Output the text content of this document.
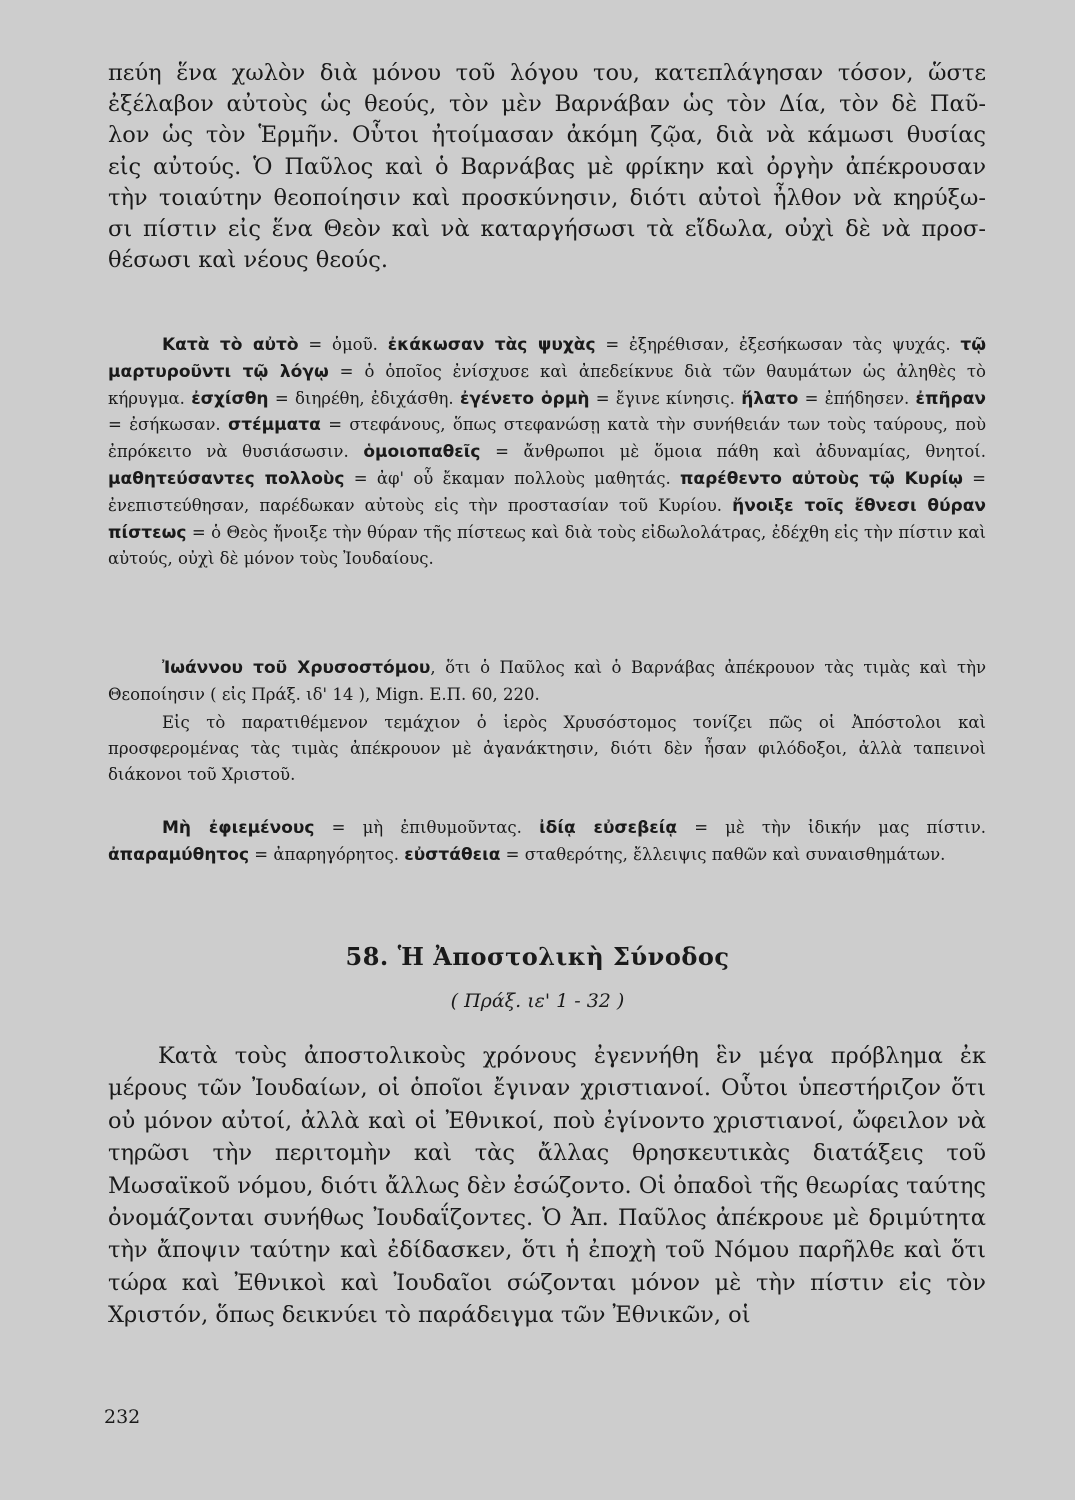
πεύη ἕνα χωλὸν διὰ μόνου τοῦ λόγου του, κατεπλάγησαν τόσον, ὥστε
ἐξέλαβον αὐτοὺς ὡς θεούς, τὸν μὲν Βαρνάβαν ὡς τὸν Δία, τὸν δὲ Παῦ-
λον ὡς τὸν Ἑρμῆν. Οὗτοι ἠτοίμασαν ἀκόμη ζῷα, διὰ νὰ κάμωσι θυσίας
εἰς αὐτούς. Ὁ Παῦλος καὶ ὁ Βαρνάβας μὲ φρίκην καὶ ὀργὴν ἀπέκρουσαν
τὴν τοιαύτην θεοποίησιν καὶ προσκύνησιν, διότι αὐτοὶ ἦλθον νὰ κηρύξω-
σι πίστιν εἰς ἕνα Θεὸν καὶ νὰ καταργήσωσι τὰ εἴδωλα, οὐχὶ δὲ νὰ προσ-
θέσωσι καὶ νέους θεούς.

Κατὰ τὸ αὐτὸ = ὁμοῦ. ἐκάκωσαν τὰς ψυχὰς = ἐξηρέθισαν, ἐξεσήκωσαν τὰς ψυχάς. τῷ μαρτυροῦντι τῷ λόγῳ = ὁ ὁποῖος ἐνίσχυσε καὶ ἀπεδείκνυε διὰ τῶν θαυμάτων ὡς ἀληθὲς τὸ κήρυγμα. ἐσχίσθη = διηρέθη, ἐδιχάσθη. ἐγένετο ὁρμὴ = ἔγινε κίνησις. ἥλατο = ἐπήδησεν. ἐπῆραν = ἐσήκωσαν. στέμματα = στεφάνους, ὅπως στεφανώσῃ κατὰ τὴν συνήθειάν των τοὺς ταύρους, ποὺ ἐπρόκειτο νὰ θυσιάσωσιν. ὁμοιοπαθεῖς = ἄνθρωποι μὲ ὅμοια πάθη καὶ ἀδυναμίας, θνητοί. μαθητεύσαντες πολλοὺς = ἀφ' οὗ ἔκαμαν πολλοὺς μαθητάς. παρέθεντο αὐτοὺς τῷ Κυρίῳ = ἐνεπιστεύθησαν, παρέδωκαν αὐτοὺς εἰς τὴν προστασίαν τοῦ Κυρίου. ἤνοιξε τοῖς ἔθνεσι θύραν πίστεως = ὁ Θεὸς ἤνοιξε τὴν θύραν τῆς πίστεως καὶ διὰ τοὺς εἰδωλολάτρας, ἐδέχθη εἰς τὴν πίστιν καὶ αὐτούς, οὐχὶ δὲ μόνον τοὺς Ἰουδαίους.

Ἰωάννου τοῦ Χρυσοστόμου, ὅτι ὁ Παῦλος καὶ ὁ Βαρνάβας ἀπέκρουον τὰς τιμὰς καὶ τὴν Θεοποίησιν ( εἰς Πράξ. ιδ' 14 ), Mign. Ε.Π. 60, 220.

Εἰς τὸ παρατιθέμενον τεμάχιον ὁ ἱερὸς Χρυσόστομος τονίζει πῶς οἱ Ἀπόστολοι καὶ προσφερομένας τὰς τιμὰς ἀπέκρουον μὲ ἀγανάκτησιν, διότι δὲν ἦσαν φιλόδοξοι, ἀλλὰ ταπεινοὶ διάκονοι τοῦ Χριστοῦ.

Μὴ ἐφιεμένους = μὴ ἐπιθυμοῦντας. ἰδίᾳ εὐσεβείᾳ = μὲ τὴν ἰδικήν μας πίστιν. ἀπαραμύθητος = ἀπαρηγόρητος. εὐστάθεια = σταθερότης, ἔλλειψις παθῶν καὶ συναισθημάτων.

58. Ἡ Ἀποστολικὴ Σύνοδος
( Πράξ. ιε' 1 - 32 )

Κατὰ τοὺς ἀποστολικοὺς χρόνους ἐγεννήθη ἓν μέγα πρόβλημα ἐκ μέρους τῶν Ἰουδαίων, οἱ ὁποῖοι ἔγιναν χριστιανοί. Οὗτοι ὑπεστήριζον ὅτι οὐ μόνον αὐτοί, ἀλλὰ καὶ οἱ Ἐθνικοί, ποὺ ἐγίνοντο χριστιανοί, ὤφειλον νὰ τηρῶσι τὴν περιτομὴν καὶ τὰς ἄλλας θρησκευτικὰς διατάξεις τοῦ Μωσαϊκοῦ νόμου, διότι ἄλλως δὲν ἐσώζοντο. Οἱ ὀπαδοὶ τῆς θεωρίας ταύτης ὀνομάζονται συνήθως Ἰουδαΐζοντες. Ὁ Ἀπ. Παῦλος ἀπέκρουε μὲ δριμύτητα τὴν ἄποψιν ταύτην καὶ ἐδίδασκεν, ὅτι ἡ ἐποχὴ τοῦ Νόμου παρῆλθε καὶ ὅτι τώρα καὶ Ἐθνικοὶ καὶ Ἰουδαῖοι σώζονται μόνον μὲ τὴν πίστιν εἰς τὸν Χριστόν, ὅπως δεικνύει τὸ παράδειγμα τῶν Ἐθνικῶν, οἱ

232
